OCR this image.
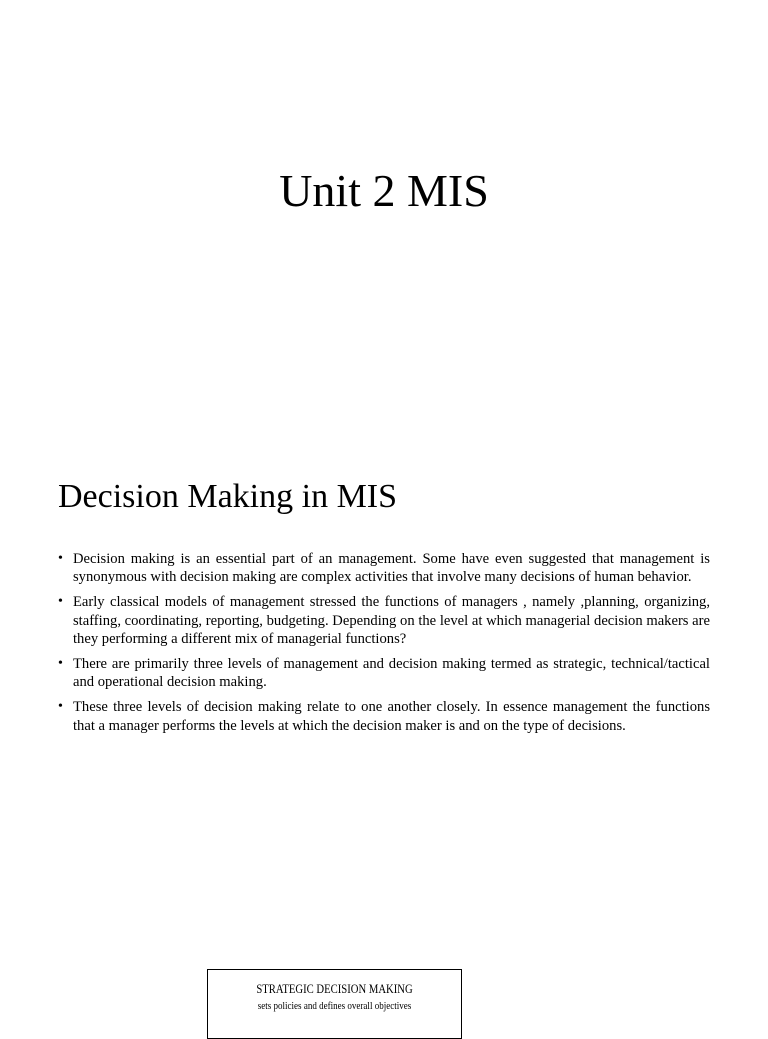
Unit 2 MIS
Decision Making in MIS
• Decision making is an essential part of an management. Some have even suggested that management is synonymous with decision making are complex activities that involve many decisions of human behavior.
• Early classical models of management stressed the functions of managers , namely ,planning, organizing, staffing, coordinating, reporting, budgeting. Depending on the level at which managerial decision makers are they performing a different mix of managerial functions?
• There are primarily three levels of management and decision making termed as strategic, technical/tactical and operational decision making.
• These three levels of decision making relate to one another closely. In essence management the functions that a manager performs the levels at which the decision maker is and on the type of decisions.
STRATEGIC DECISION MAKING
sets policies and defines overall objectives
